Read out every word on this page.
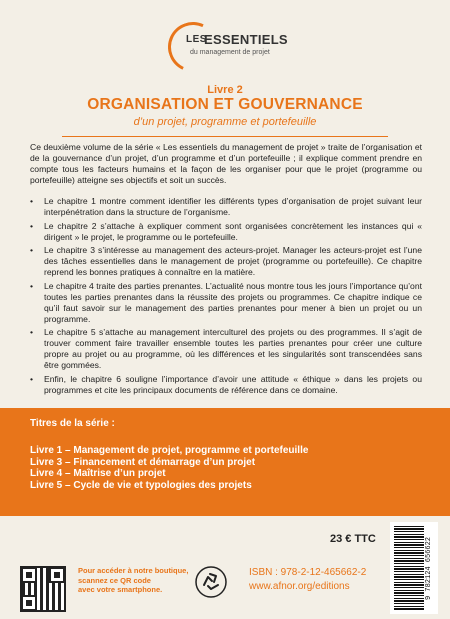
LES
ESSENTIELS
du management de projet
Livre 2
ORGANISATION ET GOUVERNANCE
d’un projet, programme et portefeuille

Ce deuxième volume de la série « Les essentiels du management de projet » traite de l’organisation et de la gouvernance d’un projet, d’un programme et d’un portefeuille ; il explique comment prendre en compte tous les facteurs humains et la façon de les organiser pour que le projet (programme ou portefeuille) atteigne ses objectifs et soit un succès.

• Le chapitre 1 montre comment identifier les différents types d’organisation de projet suivant leur interpénétration dans la structure de l’organisme.
• Le chapitre 2 s’attache à expliquer comment sont organisées concrètement les instances qui « dirigent » le projet, le programme ou le portefeuille.
• Le chapitre 3 s’intéresse au management des acteurs-projet. Manager les acteurs-projet est l’une des tâches essentielles dans le management de projet (programme ou portefeuille). Ce chapitre reprend les bonnes pratiques à connaître en la matière.
• Le chapitre 4 traite des parties prenantes. L’actualité nous montre tous les jours l’importance qu’ont toutes les parties prenantes dans la réussite des projets ou programmes. Ce chapitre indique ce qu’il faut savoir sur le management des parties prenantes pour mener à bien un projet ou un programme.
• Le chapitre 5 s’attache au management interculturel des projets ou des programmes. Il s’agit de trouver comment faire travailler ensemble toutes les parties prenantes pour créer une culture propre au projet ou au programme, où les différences et les singularités sont transcendées sans être gommées.
• Enfin, le chapitre 6 souligne l’importance d’avoir une attitude « éthique » dans les projets ou programmes et cite les principaux documents de référence dans ce domaine.
Titres de la série :
Livre 1 – Management de projet, programme et portefeuille
Livre 3 – Financement et démarrage d’un projet
Livre 4 – Maîtrise d’un projet
Livre 5 – Cycle de vie et typologies des projets
23 € TTC
Pour accéder à notre boutique,
scannez ce QR code
avec votre smartphone.
ISBN : 978-2-12-465662-2
www.afnor.org/editions	9 782124 656622
